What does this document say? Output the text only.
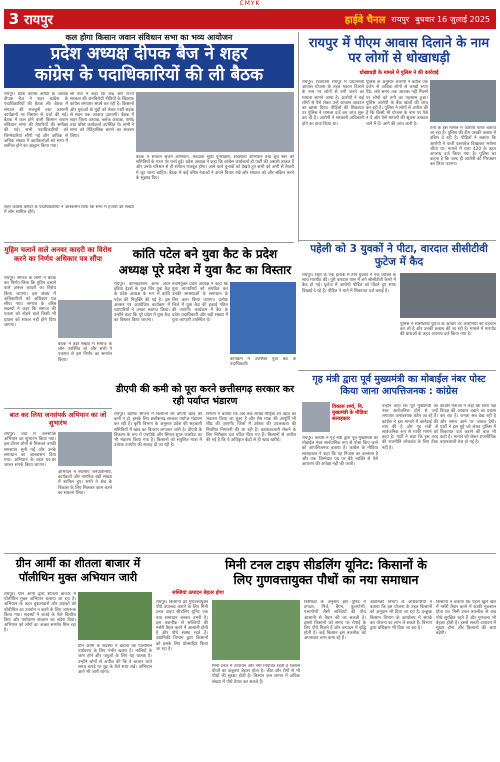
CMYK
3 रायपुर	हाईवे चैनल रायपुर बुधवार 16 जुलाई 2025
कल होगा किसान जवान संविधान सभा का भव्य आयोजन
प्रदेश अध्यक्ष दीपक बैज ने शहर
कांग्रेस के पदाधिकारियों की ली बैठक
रायपुर। प्रदेश कांग्रेस कमेटी के अध्यक्ष दीपक बैज ने शहर कांग्रेस के पदाधिकारियों की बैठक ली। बैठक में संगठन की मजबूती तथा आगामी कार्यक्रमों पर विस्तार से चर्चा की गई। बैठक में कल होने वाली किसान जवान संविधान सभा की तैयारियों की समीक्षा की गई। सभी पदाधिकारियों को जिम्मेदारियां सौंपी गई और अधिक से अधिक संख्या में कार्यकर्ताओं को सभा में शामिल होने का आह्वान किया गया।
श्री बैज ने कहा कि केंद्र और राज्य सरकार की जनविरोधी नीतियों के खिलाफ कांग्रेस लगातार संघर्ष कर रही है। किसानों और युवाओं के मुद्दों को लेकर पार्टी सड़क से सदन तक आवाज उठाएगी। बैठक में शहर जिला अध्यक्ष, ब्लॉक अध्यक्ष, पार्षद तथा वरिष्ठ कार्यकर्ता उपस्थित थे। सभी ने सभा को ऐतिहासिक बनाने का संकल्प लिया।
बैठक में संगठन सृजन अभियान, मतदाता सूची पुनरीक्षण, सदस्यता अभियान तथा बूथ स्तर की समितियों के गठन पर चर्चा हुई। प्रदेश अध्यक्ष ने कहा कि कांग्रेस कार्यकर्ता ही पार्टी की असली ताकत हैं और उनके परिश्रम से ही संगठन मजबूत होगा। आने वाले चुनावों को देखते हुए सभी को अभी से तैयारी में जुट जाना चाहिए। बैठक में कई वरिष्ठ नेताओं ने अपने विचार रखे और संगठन को और सक्रिय करने के सुझाव दिए।
शहर कांग्रेस कमेटी के पदाधिकारियों ने आश्वासन दिया कि सभा में हजारों की संख्या में लोग शामिल होंगे।
रायपुर में पीएम आवास दिलाने के नाम पर लोगों से धोखाधड़ी
धोखाधड़ी के मामले में पुलिस ने की कार्रवाई
रायपुर। राजधानी रायपुर में प्रधानमंत्री आवास योजना के तहत मकान दिलाने के नाम पर लोगों से ठगी करने का मामला सामने आया है। आरोपी ने कई लोगों से पैसे लेकर उन्हें आवास आवंटन का झांसा दिया। पीड़ितों की शिकायत पर पुलिस ने मामला दर्ज कर जांच शुरू कर दी है। आरोपी ने सरकारी अधिकारी होने का दावा किया था।
पुलिस के अनुसार आरोपी ने करीब एक दर्जन से अधिक लोगों से लाखों रुपए ऐंठे। लंबे समय तक आवास नहीं मिलने पर लोगों को ठगी का एहसास हुआ। पुलिस आरोपी के बैंक खातों की जांच कर रही है। पुलिस ने लोगों से अपील की है कि किसी भी योजना के नाम पर पैसे न दें और ऐसे मामलों की सूचना तत्काल थाने में दें। आगे की जांच जारी है।
ठगी के इस मामले में आरोपी फरार बताया जा रहा है। पुलिस की टीम उसकी तलाश में दबिश दे रही है। पीड़ितों ने बताया कि आरोपी ने फर्जी दस्तावेज दिखाकर भरोसा जीता था। मामले में धारा 420 के तहत अपराध दर्ज किया गया है। पुलिस का कहना है कि जल्द ही आरोपी को गिरफ्तार कर लिया जाएगा।
पहेली को 3 युवकों ने पीटा, वारदात सीसीटीवी फुटेज में कैद
रायपुर। शहर के एक इलाके में तीन युवकों ने एक व्यक्ति के साथ मारपीट की। पूरी वारदात पास में लगे सीसीटीवी कैमरे में कैद हो गई। फुटेज में आरोपी पीड़ित को पीटते हुए साफ दिखाई दे रहे हैं। पीड़ित ने थाने में शिकायत दर्ज कराई है।
पुलिस ने सीसीटीवी फुटेज के आधार पर आरोपियों की पहचान कर ली है और उनकी तलाश की जा रही है। मामले में मारपीट की धाराओं के तहत अपराध दर्ज किया गया है।
मुहिम चलाने वाले अनवर कादरी का विरोध करने का निर्णय अधिकार पत्र सौंपा
रायपुर। समाज के लोगों ने बैठक कर निर्णय लिया कि मुहिम चलाने वाले अनवर कादरी का विरोध किया जाएगा। इस संबंध में अधिकारियों को अधिकार पत्र सौंपा गया। समाज के वरिष्ठ सदस्यों ने कहा कि समाज की एकता को तोड़ने वाले किसी भी प्रयास को सफल नहीं होने दिया जाएगा।
बैठक में बड़ी संख्या में समाज के लोग उपस्थित रहे और सभी ने एकमत से इस निर्णय का समर्थन किया।
बात कर लिया जनसंपर्क अभियान का जो शुभारंभ
रायपुर। वार्ड में जनसंपर्क अभियान का शुभारंभ किया गया। इस दौरान लोगों से मिलकर उनकी समस्याएं सुनी गईं और उनके समाधान का आश्वासन दिया गया। अभियान के तहत घर-घर जाकर संपर्क किया जाएगा।
अभियान में स्थानीय जनप्रतिनिधि, कार्यकर्ता और नागरिक बड़ी संख्या में शामिल हुए। सभी ने क्षेत्र के विकास के लिए मिलकर काम करने का संकल्प लिया।
कांति पटेल बने युवा कैट के प्रदेश
अध्यक्ष पूरे प्रदेश में युवा कैट का विस्तार
रायपुर। कॉन्फेडरेशन ऑफ ऑल इंडिया ट्रेडर्स के युवा विंग युवा कैट के प्रदेश अध्यक्ष के रूप में कांति पटेल की नियुक्ति की गई है। इस अवसर पर आयोजित कार्यक्रम में व्यापारियों ने उनका स्वागत किया। उन्होंने कहा कि पूरे प्रदेश में युवा कैट का विस्तार किया जाएगा।
नवनियुक्त प्रदेश अध्यक्ष ने कहा कि युवा व्यापारियों को संगठित कर उनकी समस्याओं के समाधान के लिए काम किया जाएगा। प्रत्येक जिले में युवा कैट की इकाई गठित की जाएगी। कार्यक्रम में कैट के प्रदेश पदाधिकारी और बड़ी संख्या में युवा व्यापारी उपस्थित थे।
कार्यक्रम में उपस्थित युवा कैट के पदाधिकारी।
डीएपी की कमी को पूरा करने छत्तीसगढ़ सरकार कर रही पर्याप्त भंडारण
रायपुर। खरीफ सीजन में किसानों को डीएपी खाद की कमी न हो, इसके लिए छत्तीसगढ़ सरकार पर्याप्त भंडारण कर रही है। कृषि विभाग के अनुसार प्रदेश की सहकारी समितियों में खाद का वितरण लगातार जारी है। डीएपी के विकल्प के रूप में एनपीके और सिंगल सुपर फास्फेट का भी भंडारण किया गया है। किसानों को संतुलित मात्रा में उर्वरक उपयोग की सलाह दी जा रही है।
विभाग ने बताया कि अब तक लाखों मीट्रिक टन खाद का भंडारण किया जा चुका है और शेष मात्रा की आपूर्ति भी शीघ्र की जाएगी। जिलों में उर्वरक की उपलब्धता की नियमित निगरानी की जा रही है। कालाबाजारी रोकने के लिए निरीक्षण दल गठित किए गए हैं। किसानों से अपील की गई है कि वे अधिकृत केंद्रों से ही खाद खरीदें।
गृह मंत्री द्वारा पूर्व मुख्यमंत्री का मोबाईल नंबर पोस्ट किया जाना आपत्तिजनक : कांग्रेस
विकास शर्मा, नि. मुख्यमंत्री के मीडिया सलाहकार
रायपुर। कांग्रेस ने गृह मंत्री द्वारा पूर्व मुख्यमंत्री का मोबाईल नंबर सार्वजनिक रूप से पोस्ट किए जाने को आपत्तिजनक बताया है। कांग्रेस के मीडिया सलाहकार ने कहा कि यह निजता का उल्लंघन है और एक जिम्मेदार पद पर बैठे व्यक्ति से ऐसे आचरण की अपेक्षा नहीं की जाती।
उन्होंने कहा कि पूर्व मुख्यमंत्री का नंबर सार्वजनिक होने से उन्हें लगातार अनावश्यक कॉल आ रहे हैं। कांग्रेस ने इस मामले में कार्रवाई की मांग की है और गृह मंत्री से सार्वजनिक रूप से माफी मांगने को कहा है। पार्टी ने कहा कि इस तरह की राजनीति लोकतंत्र के लिए ठीक नहीं है।
कांग्रेस नेताओं ने कहा कि सत्ता पक्ष विपक्ष की आवाज दबाने का प्रयास कर रहा है। जनता सब देख रही है और समय आने पर जवाब देगी। पार्टी ने इस मुद्दे को लेकर पुलिस में शिकायत दर्ज कराने की बात भी कही है। मामले को लेकर राजनीतिक बयानबाजी तेज हो गई है।
ग्रीन आर्मी का शीतला बाजार में पॉलीथिन मुक्त अभियान जारी
रायपुर। ग्रीन आर्मी द्वारा शीतला बाजार में पॉलीथिन मुक्त अभियान चलाया जा रहा है। अभियान के तहत दुकानदारों और ग्राहकों को पॉलीथिन का उपयोग न करने के लिए जागरूक किया गया। सदस्यों ने कपड़े के थैले वितरित किए और पर्यावरण संरक्षण का संदेश दिया। अभियान को लोगों का अच्छा समर्थन मिल रहा है।
ग्रीन आर्मी के सदस्यों ने बताया कि पॉलीथिन पर्यावरण के लिए गंभीर खतरा है। नालियों के जाम होने और पशुओं के लिए यह घातक है। उन्होंने लोगों से अपील की कि वे बाजार जाते समय कपड़े या जूट के थैले साथ रखें। अभियान आगे भी जारी रहेगा।
मिनी टनल टाइप सीडलिंग यूनिट: किसानों के
लिए गुणवत्तायुक्त पौधों का नया समाधान
सब्जियां उत्पादन बेहतर होगा
रायपुर। किसानों को गुणवत्तायुक्त पौधे उपलब्ध कराने के लिए मिनी टनल टाइप सीडलिंग यूनिट एक नया समाधान बनकर उभरी है। इस तकनीक से सब्जियों की नर्सरी तैयार करने में आसानी होती है और पौधे स्वस्थ रहते हैं। उद्यानिकी विभाग द्वारा किसानों को इसके लिए प्रोत्साहित किया जा रहा है।
मिनी टनल में तापमान और नमी नियंत्रित रहती है जिससे बीजों का अंकुरण बेहतर होता है। कीट और रोगों से भी पौधों की सुरक्षा होती है। किसान कम लागत में अधिक संख्या में पौधे तैयार कर सकते हैं।
विशेषज्ञों के अनुसार इस यूनिट में टमाटर, मिर्च, बैंगन, फूलगोभी, पत्तागोभी जैसी सब्जियों की पौध आसानी से तैयार की जा सकती है। इससे किसानों को समय पर रोपाई के लिए पौधे मिलते हैं और उत्पादन में वृद्धि होती है। कई किसान इस तकनीक को अपनाकर लाभ कमा रहे हैं।
उद्यानिकी विभाग के अधिकारियों ने बताया कि इस योजना के तहत किसानों को अनुदान भी दिया जा रहा है। इच्छुक किसान विभाग के कार्यालय में संपर्क कर योजना का लाभ ले सकते हैं। विभाग द्वारा प्रशिक्षण भी दिया जा रहा है।
किसानों ने बताया कि पहले खुले खेत में नर्सरी तैयार करने में काफी नुकसान होता था। मिनी टनल तकनीक से अब पौधे सुरक्षित रहते हैं और गुणवत्ता भी बेहतर होती है। इससे सब्जी उत्पादन में सुधार होगा और किसानों की आय बढ़ेगी।
